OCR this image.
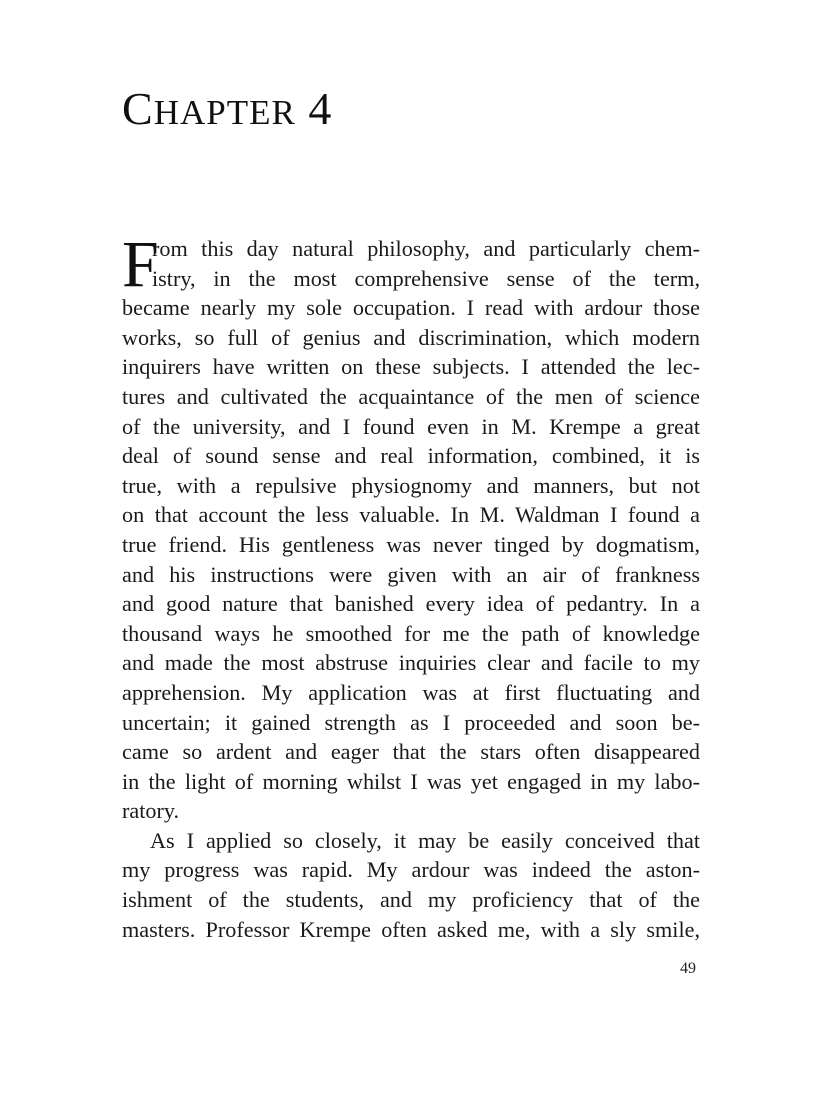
CHAPTER 4
F
rom this day natural philosophy, and particularly chem-
istry, in the most comprehensive sense of the term,
became nearly my sole occupation. I read with ardour those
works, so full of genius and discrimination, which modern
inquirers have written on these subjects. I attended the lec-
tures and cultivated the acquaintance of the men of science
of the university, and I found even in M. Krempe a great
deal of sound sense and real information, combined, it is
true, with a repulsive physiognomy and manners, but not
on that account the less valuable. In M. Waldman I found a
true friend. His gentleness was never tinged by dogmatism,
and his instructions were given with an air of frankness
and good nature that banished every idea of pedantry. In a
thousand ways he smoothed for me the path of knowledge
and made the most abstruse inquiries clear and facile to my
apprehension. My application was at first fluctuating and
uncertain; it gained strength as I proceeded and soon be-
came so ardent and eager that the stars often disappeared
in the light of morning whilst I was yet engaged in my labo-
ratory.
As I applied so closely, it may be easily conceived that
my progress was rapid. My ardour was indeed the aston-
ishment of the students, and my proficiency that of the
masters. Professor Krempe often asked me, with a sly smile,
49
